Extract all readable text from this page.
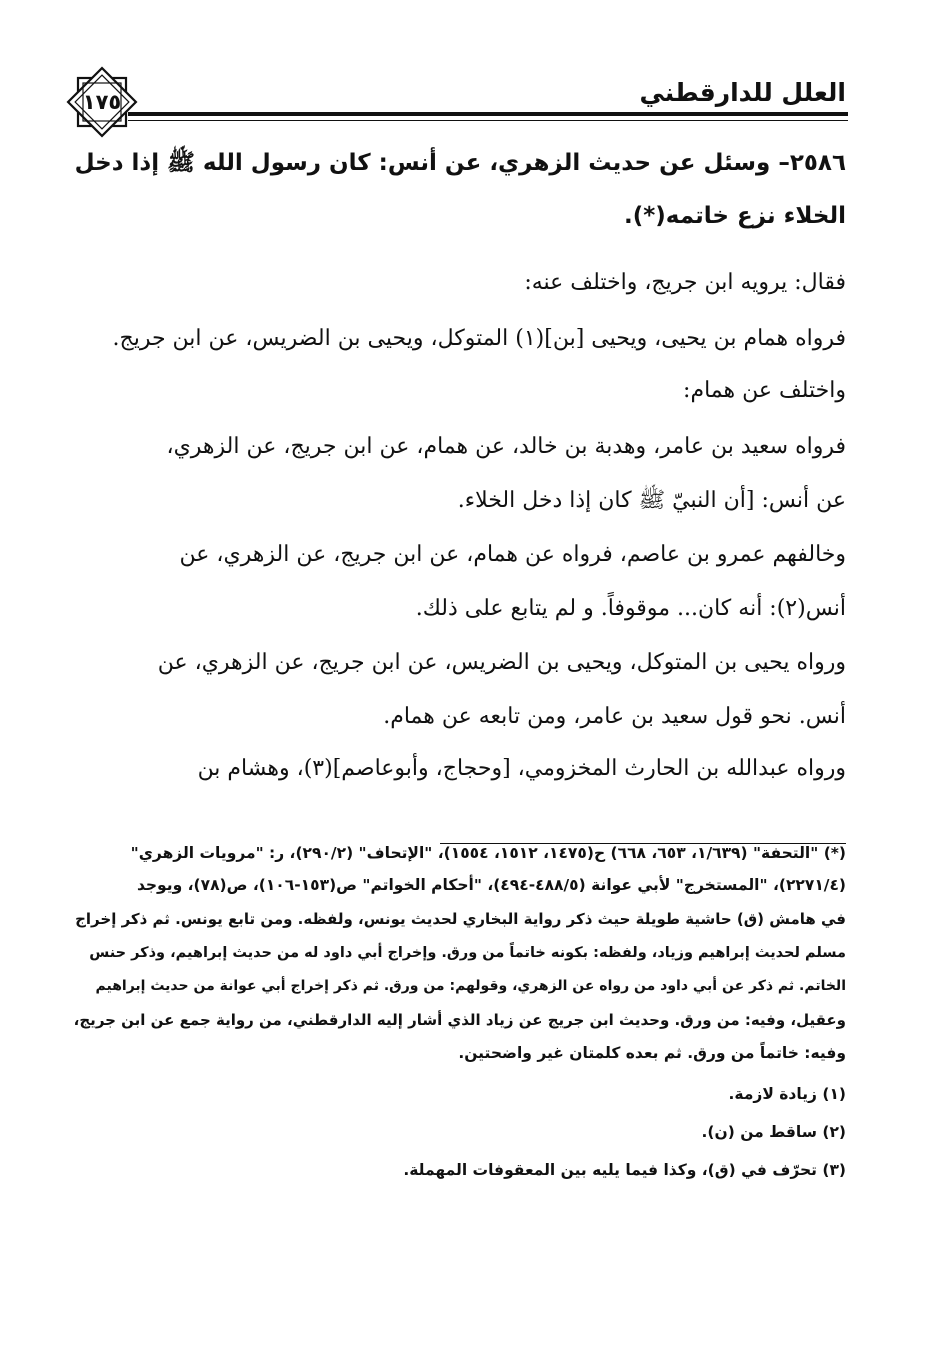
العلل للدارقطني
١٧٥
٢٥٨٦– وسئل عن حديث الزهري، عن أنس: كان رسول الله ﷺ إذا دخل
الخلاء نزع خاتمه(*).
فقال: يرويه ابن جريج، واختلف عنه:
فرواه همام بن يحيى، ويحيى [بن](١) المتوكل، ويحيى بن الضريس، عن ابن جريج.
واختلف عن همام:
فرواه سعيد بن عامر، وهدبة بن خالد، عن همام، عن ابن جريج، عن الزهري،
عن أنس: [أن النبيّ ﷺ كان إذا دخل الخلاء.
وخالفهم عمرو بن عاصم، فرواه عن همام، عن ابن جريج، عن الزهري، عن
أنس(٢): أنه كان... موقوفاً. و لم يتابع على ذلك.
ورواه يحيى بن المتوكل، ويحيى بن الضريس، عن ابن جريج، عن الزهري، عن
أنس. نحو قول سعيد بن عامر، ومن تابعه عن همام.
ورواه عبدالله بن الحارث المخزومي، [وحجاج، وأبوعاصم](٣)، وهشام بن
(*) "التحفة" (١/٦٣٩، ٦٥٣، ٦٦٨) ح(١٤٧٥، ١٥١٢، ١٥٥٤)، "الإتحاف" (٢٩٠/٢)، ر: "مرويات الزهري"
(٢٢٧١/٤)، "المستخرج" لأبي عوانة (٤٨٨/٥-٤٩٤)، "أحكام الخواتم" ص(١٥٣-١٠٦)، ص(٧٨)، ويوجد
في هامش (ق) حاشية طويلة حيث ذكر رواية البخاري لحديث يونس، ولفظه. ومن تابع يونس. ثم ذكر إخراج
مسلم لحديث إبراهيم وزياد، ولفظه: بكونه خاتماً من ورق. وإخراج أبي داود له من حديث إبراهيم، وذكر حنس
الخاتم. ثم ذكر عن أبي داود من رواه عن الزهري، وقولهم: من ورق. ثم ذكر إخراج أبي عوانة من حديث إبراهيم
وعقيل، وفيه: من ورق. وحديث ابن جريج عن زياد الذي أشار إليه الدارقطني، من رواية جمع عن ابن جريج،
وفيه: خاتماً من ورق. ثم بعده كلمتان غير واضحتين.
(١) زيادة لازمة.
(٢) ساقط من (ن).
(٣) تحرّف في (ق)، وكذا فيما يليه بين المعقوفات المهملة.
